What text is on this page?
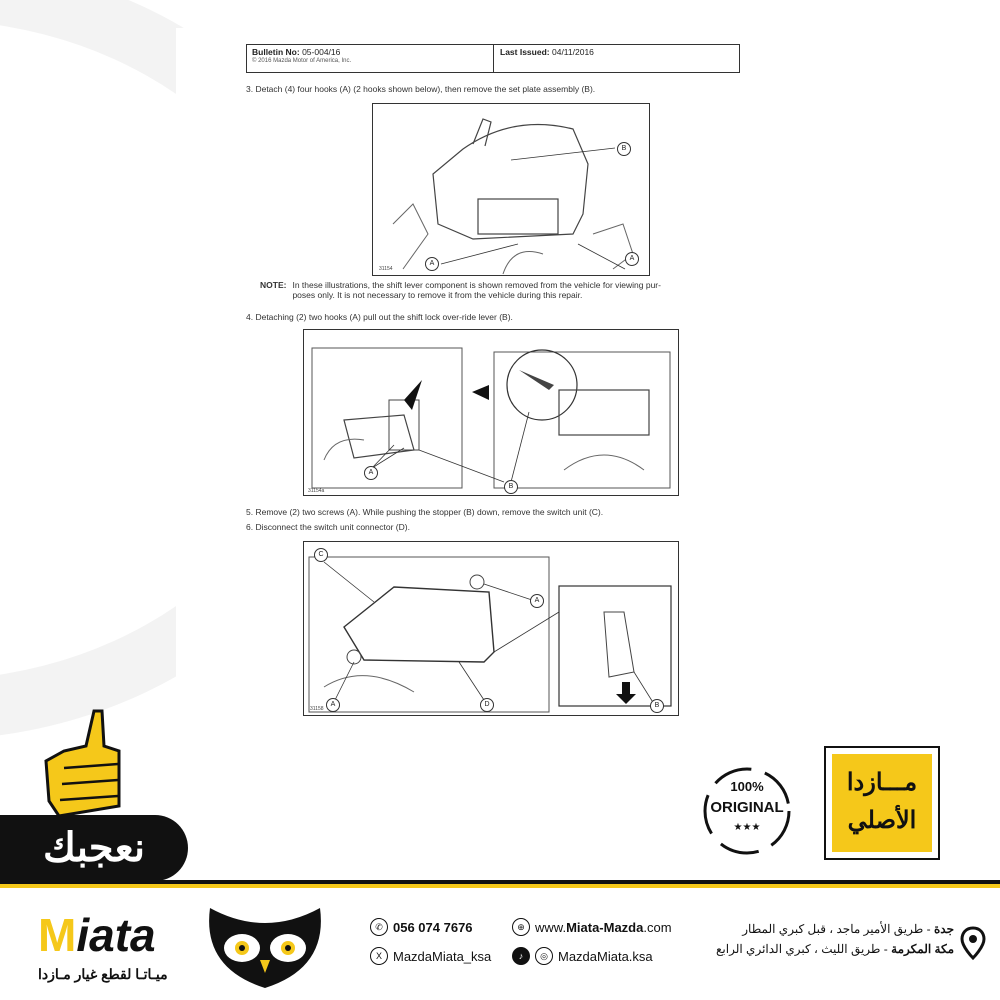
Bulletin No: 05-004/16
© 2016 Mazda Motor of America, Inc.
Last Issued: 04/11/2016
3. Detach (4) four hooks (A) (2 hooks shown below), then remove the set plate assembly (B).
B
A
A
31154
NOTE: In these illustrations, the shift lever component is shown removed from the vehicle for viewing pur-
poses only. It is not necessary to remove it from the vehicle during this repair.
4. Detaching (2) two hooks (A) pull out the shift lock over-ride lever (B).
A
B
31154a
5. Remove (2) two screws (A). While pushing the stopper (B) down, remove the switch unit (C).
6. Disconnect the switch unit connector (D).
C
A
A	D	B
31158
نعجبك
100%
ORIGINAL
★★★
مـــازدا
الأصلي
Miata
ميـاتـا لقطع غيار مـازدا
✆ 056 074 7676	⊕ www.Miata-Mazda.com
X MazdaMiata_ksa	♪	◎ MazdaMiata.ksa
جدة - طريق الأمير ماجد ، قبل كبري المطار
مكة المكرمة - طريق الليث ، كبري الدائري الرابع
